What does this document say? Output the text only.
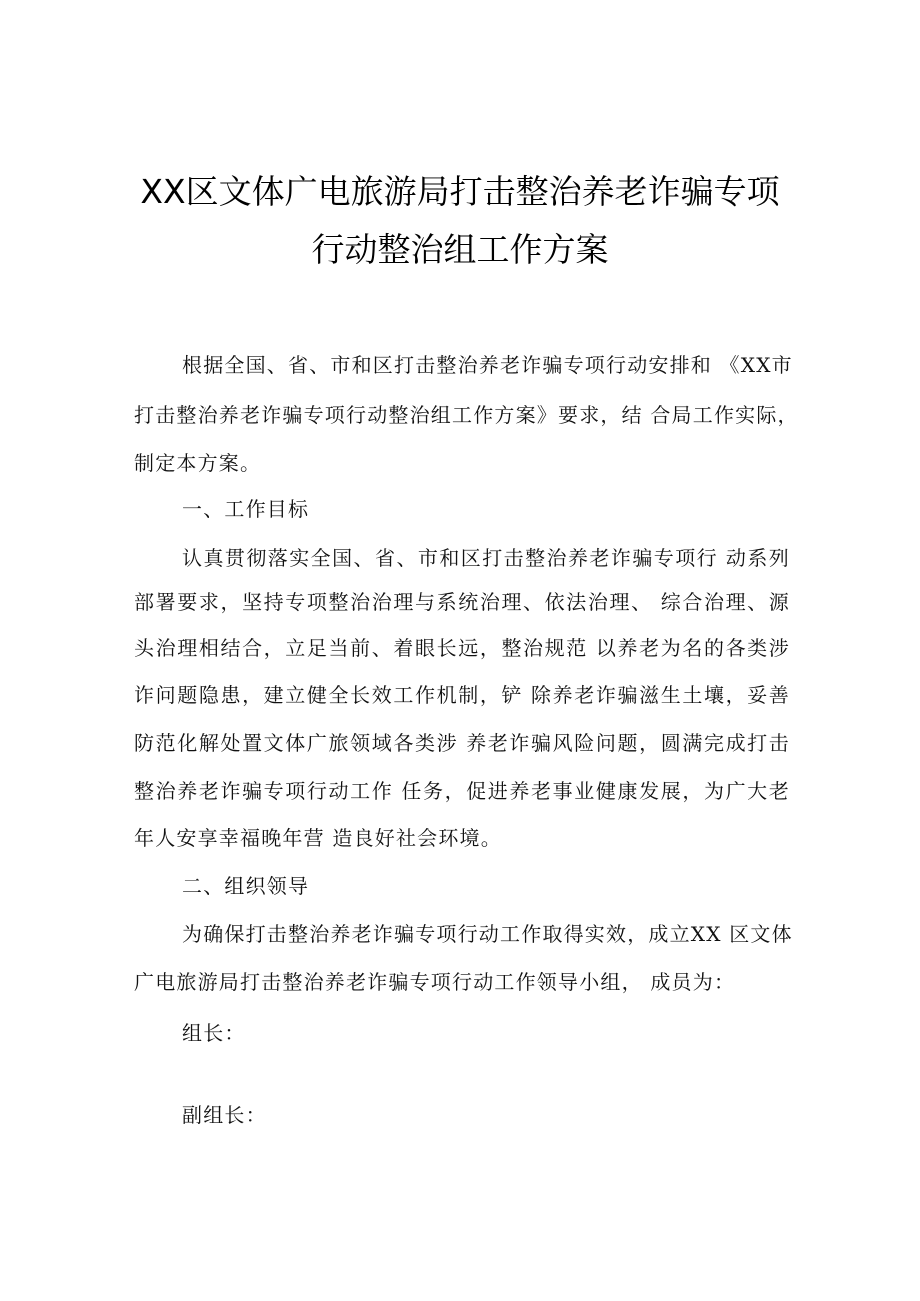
XX区文体广电旅游局打击整治养老诈骗专项
行动整治组工作方案
根据全国、省、市和区打击整治养老诈骗专项行动安排和 《XX市
打击整治养老诈骗专项行动整治组工作方案》要求，结 合局工作实际，
制定本方案。
一、工作目标
认真贯彻落实全国、省、市和区打击整治养老诈骗专项行 动系列
部署要求，坚持专项整治治理与系统治理、依法治理、 综合治理、源
头治理相结合，立足当前、着眼长远，整治规范 以养老为名的各类涉
诈问题隐患，建立健全长效工作机制，铲 除养老诈骗滋生土壤，妥善
防范化解处置文体广旅领域各类涉 养老诈骗风险问题，圆满完成打击
整治养老诈骗专项行动工作 任务，促进养老事业健康发展，为广大老
年人安享幸福晚年营 造良好社会环境。
二、组织领导
为确保打击整治养老诈骗专项行动工作取得实效，成立XX 区文体
广电旅游局打击整治养老诈骗专项行动工作领导小组， 成员为：
组长：
副组长：
